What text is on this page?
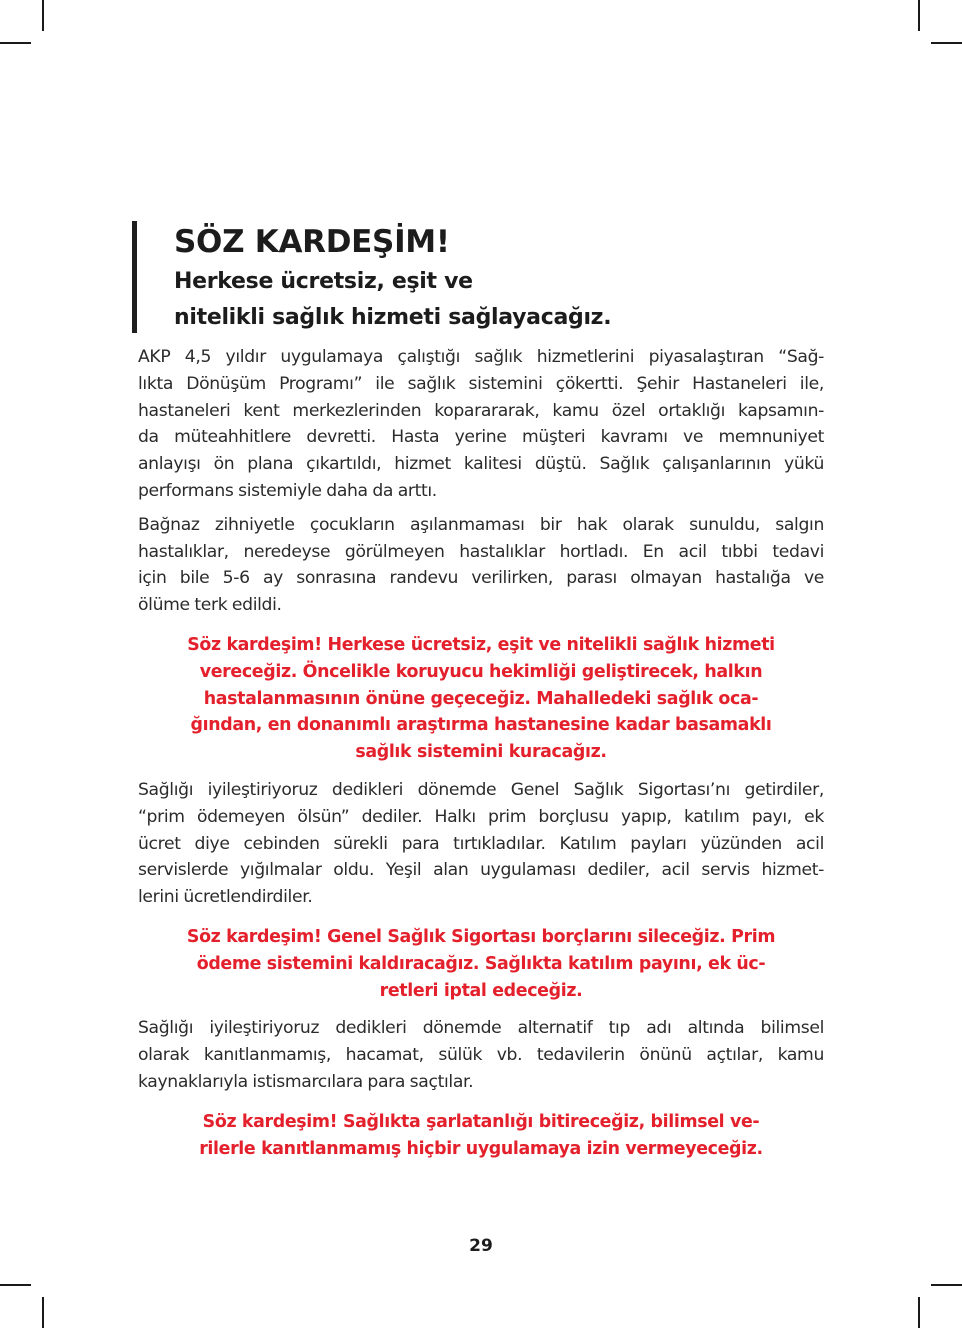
SÖZ KARDEŞİM!
Herkese ücretsiz, eşit ve
nitelikli sağlık hizmeti sağlayacağız.

AKP 4,5 yıldır uygulamaya çalıştığı sağlık hizmetlerini piyasalaştıran “Sağ-
lıkta Dönüşüm Programı” ile sağlık sistemini çökertti. Şehir Hastaneleri ile,
hastaneleri kent merkezlerinden koparararak, kamu özel ortaklığı kapsamın-
da müteahhitlere devretti. Hasta yerine müşteri kavramı ve memnuniyet
anlayışı ön plana çıkartıldı, hizmet kalitesi düştü. Sağlık çalışanlarının yükü
performans sistemiyle daha da arttı.

Bağnaz zihniyetle çocukların aşılanmaması bir hak olarak sunuldu, salgın
hastalıklar, neredeyse görülmeyen hastalıklar hortladı. En acil tıbbi tedavi
için bile 5-6 ay sonrasına randevu verilirken, parası olmayan hastalığa ve
ölüme terk edildi.

Söz kardeşim! Herkese ücretsiz, eşit ve nitelikli sağlık hizmeti
vereceğiz. Öncelikle koruyucu hekimliği geliştirecek, halkın
hastalanmasının önüne geçeceğiz. Mahalledeki sağlık oca-
ğından, en donanımlı araştırma hastanesine kadar basamaklı
sağlık sistemini kuracağız.

Sağlığı iyileştiriyoruz dedikleri dönemde Genel Sağlık Sigortası’nı getirdiler,
“prim ödemeyen ölsün” dediler. Halkı prim borçlusu yapıp, katılım payı, ek
ücret diye cebinden sürekli para tırtıkladılar. Katılım payları yüzünden acil
servislerde yığılmalar oldu. Yeşil alan uygulaması dediler, acil servis hizmet-
lerini ücretlendirdiler.

Söz kardeşim! Genel Sağlık Sigortası borçlarını sileceğiz. Prim
ödeme sistemini kaldıracağız. Sağlıkta katılım payını, ek üc-
retleri iptal edeceğiz.

Sağlığı iyileştiriyoruz dedikleri dönemde alternatif tıp adı altında bilimsel
olarak kanıtlanmamış, hacamat, sülük vb. tedavilerin önünü açtılar, kamu
kaynaklarıyla istismarcılara para saçtılar.

Söz kardeşim! Sağlıkta şarlatanlığı bitireceğiz, bilimsel ve-
rilerle kanıtlanmamış hiçbir uygulamaya izin vermeyeceğiz.

29
